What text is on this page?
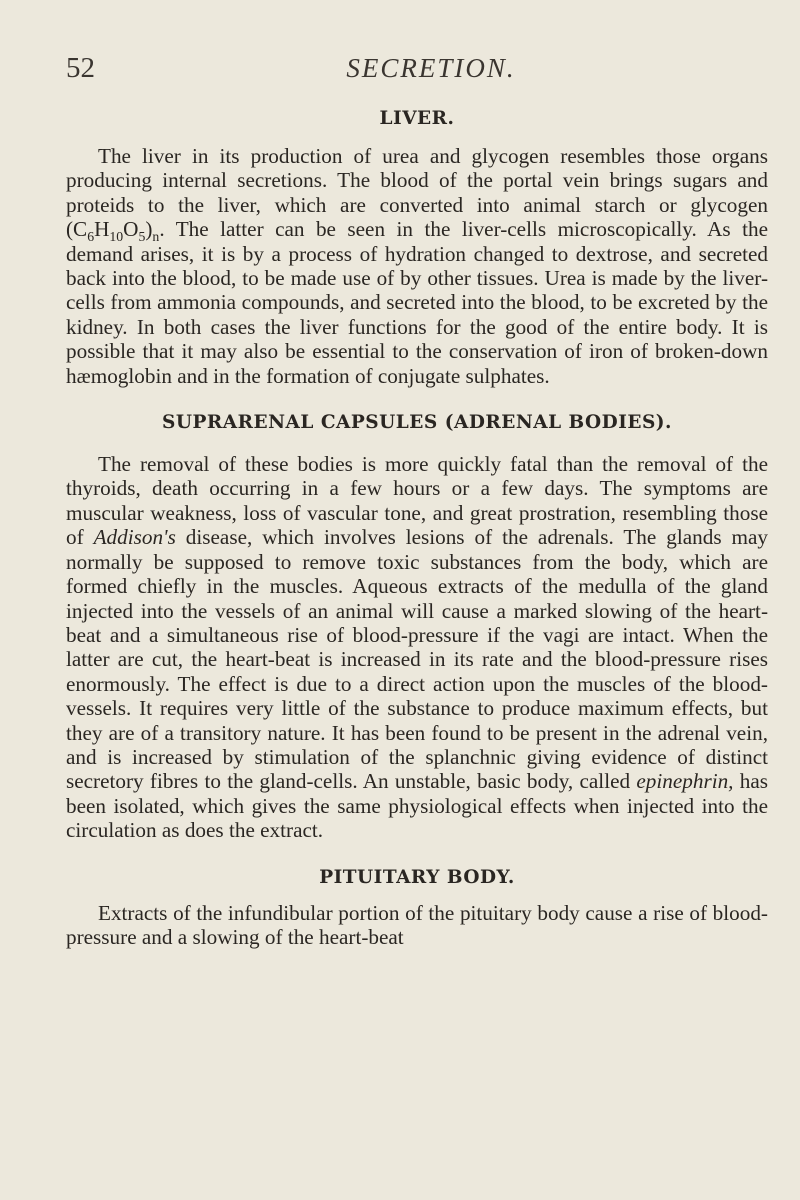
52	SECRETION.
LIVER.

The liver in its production of urea and glycogen resembles those organs producing internal secretions. The blood of the portal vein brings sugars and proteids to the liver, which are converted into animal starch or glycogen $(C_6H_{10}O_5)_n$. The latter can be seen in the liver-cells microscopically. As the demand arises, it is by a process of hydration changed to dextrose, and secreted back into the blood, to be made use of by other tissues. Urea is made by the liver-cells from ammonia compounds, and secreted into the blood, to be excreted by the kidney. In both cases the liver functions for the good of the entire body. It is possible that it may also be essential to the conservation of iron of broken-down hæmoglobin and in the formation of conjugate sulphates.

SUPRARENAL CAPSULES (ADRENAL BODIES).

The removal of these bodies is more quickly fatal than the removal of the thyroids, death occurring in a few hours or a few days. The symptoms are muscular weakness, loss of vascular tone, and great prostration, resembling those of Addison's disease, which involves lesions of the adrenals. The glands may normally be supposed to remove toxic substances from the body, which are formed chiefly in the muscles. Aqueous extracts of the medulla of the gland injected into the vessels of an animal will cause a marked slowing of the heart-beat and a simultaneous rise of blood-pressure if the vagi are intact. When the latter are cut, the heart-beat is increased in its rate and the blood-pressure rises enormously. The effect is due to a direct action upon the muscles of the blood-vessels. It requires very little of the substance to produce maximum effects, but they are of a transitory nature. It has been found to be present in the adrenal vein, and is increased by stimulation of the splanchnic giving evidence of distinct secretory fibres to the gland-cells. An unstable, basic body, called epinephrin, has been isolated, which gives the same physiological effects when injected into the circulation as does the extract.

PITUITARY BODY.

Extracts of the infundibular portion of the pituitary body cause a rise of blood-pressure and a slowing of the heart-beat
